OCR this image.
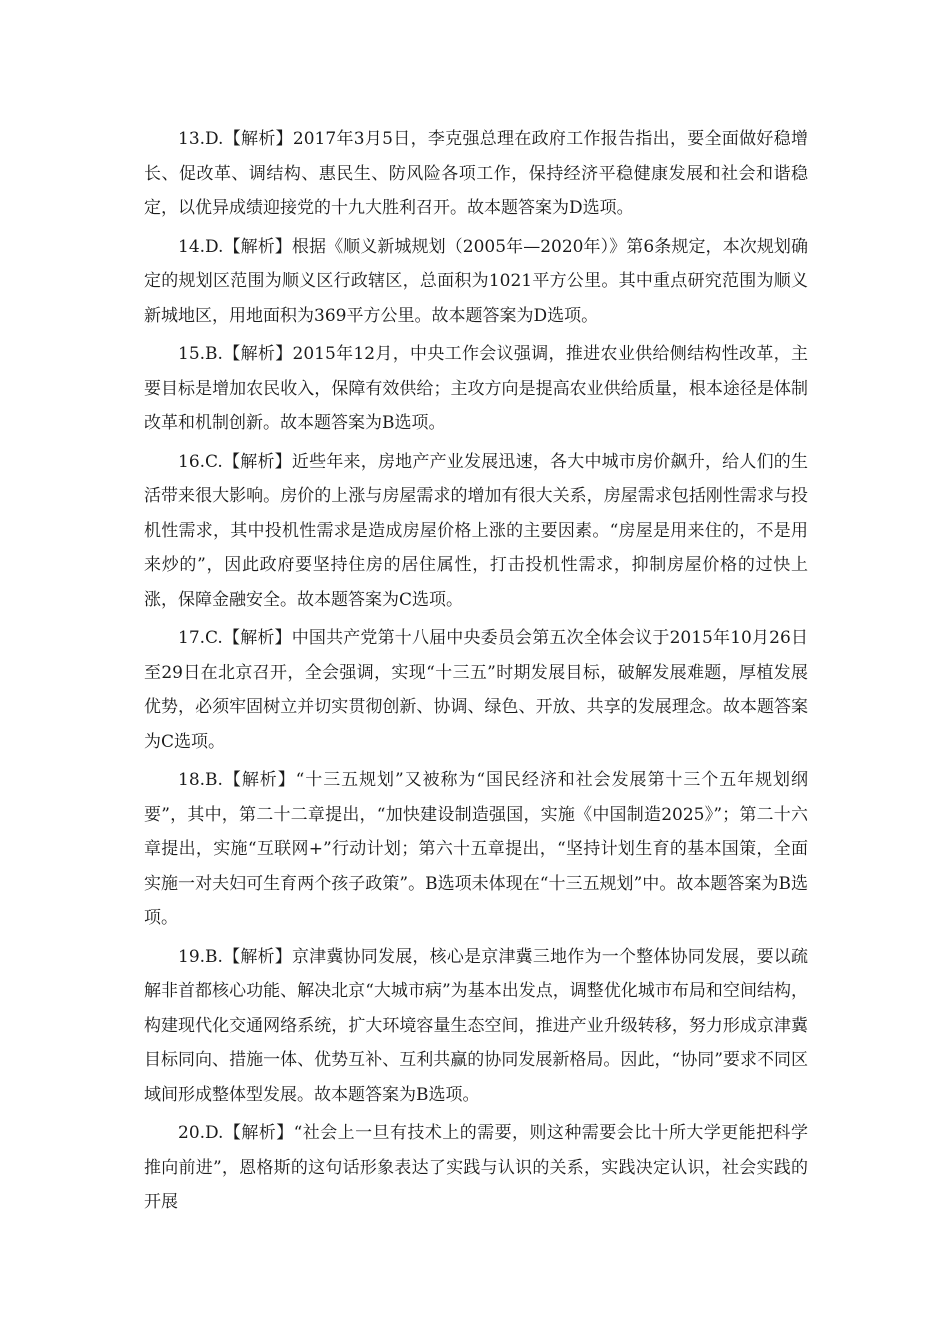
13.D.【解析】2017年3月5日，李克强总理在政府工作报告指出，要全面做好稳增长、促改革、调结构、惠民生、防风险各项工作，保持经济平稳健康发展和社会和谐稳定，以优异成绩迎接党的十九大胜利召开。故本题答案为D选项。

14.D.【解析】根据《顺义新城规划（2005年—2020年）》第6条规定，本次规划确定的规划区范围为顺义区行政辖区，总面积为1021平方公里。其中重点研究范围为顺义新城地区，用地面积为369平方公里。故本题答案为D选项。

15.B.【解析】2015年12月，中央工作会议强调，推进农业供给侧结构性改革，主要目标是增加农民收入，保障有效供给；主攻方向是提高农业供给质量，根本途径是体制改革和机制创新。故本题答案为B选项。

16.C.【解析】近些年来，房地产产业发展迅速，各大中城市房价飙升，给人们的生活带来很大影响。房价的上涨与房屋需求的增加有很大关系，房屋需求包括刚性需求与投机性需求，其中投机性需求是造成房屋价格上涨的主要因素。“房屋是用来住的，不是用来炒的”，因此政府要坚持住房的居住属性，打击投机性需求，抑制房屋价格的过快上涨，保障金融安全。故本题答案为C选项。

17.C.【解析】中国共产党第十八届中央委员会第五次全体会议于2015年10月26日至29日在北京召开，全会强调，实现“十三五”时期发展目标，破解发展难题，厚植发展优势，必须牢固树立并切实贯彻创新、协调、绿色、开放、共享的发展理念。故本题答案为C选项。

18.B.【解析】“十三五规划”又被称为“国民经济和社会发展第十三个五年规划纲要”，其中，第二十二章提出，“加快建设制造强国，实施《中国制造2025》”；第二十六章提出，实施“互联网+”行动计划；第六十五章提出，“坚持计划生育的基本国策，全面实施一对夫妇可生育两个孩子政策”。B选项未体现在“十三五规划”中。故本题答案为B选项。

19.B.【解析】京津冀协同发展，核心是京津冀三地作为一个整体协同发展，要以疏解非首都核心功能、解决北京“大城市病”为基本出发点，调整优化城市布局和空间结构，构建现代化交通网络系统，扩大环境容量生态空间，推进产业升级转移，努力形成京津冀目标同向、措施一体、优势互补、互利共赢的协同发展新格局。因此，“协同”要求不同区域间形成整体型发展。故本题答案为B选项。

20.D.【解析】“社会上一旦有技术上的需要，则这种需要会比十所大学更能把科学推向前进”，恩格斯的这句话形象表达了实践与认识的关系，实践决定认识，社会实践的开展
